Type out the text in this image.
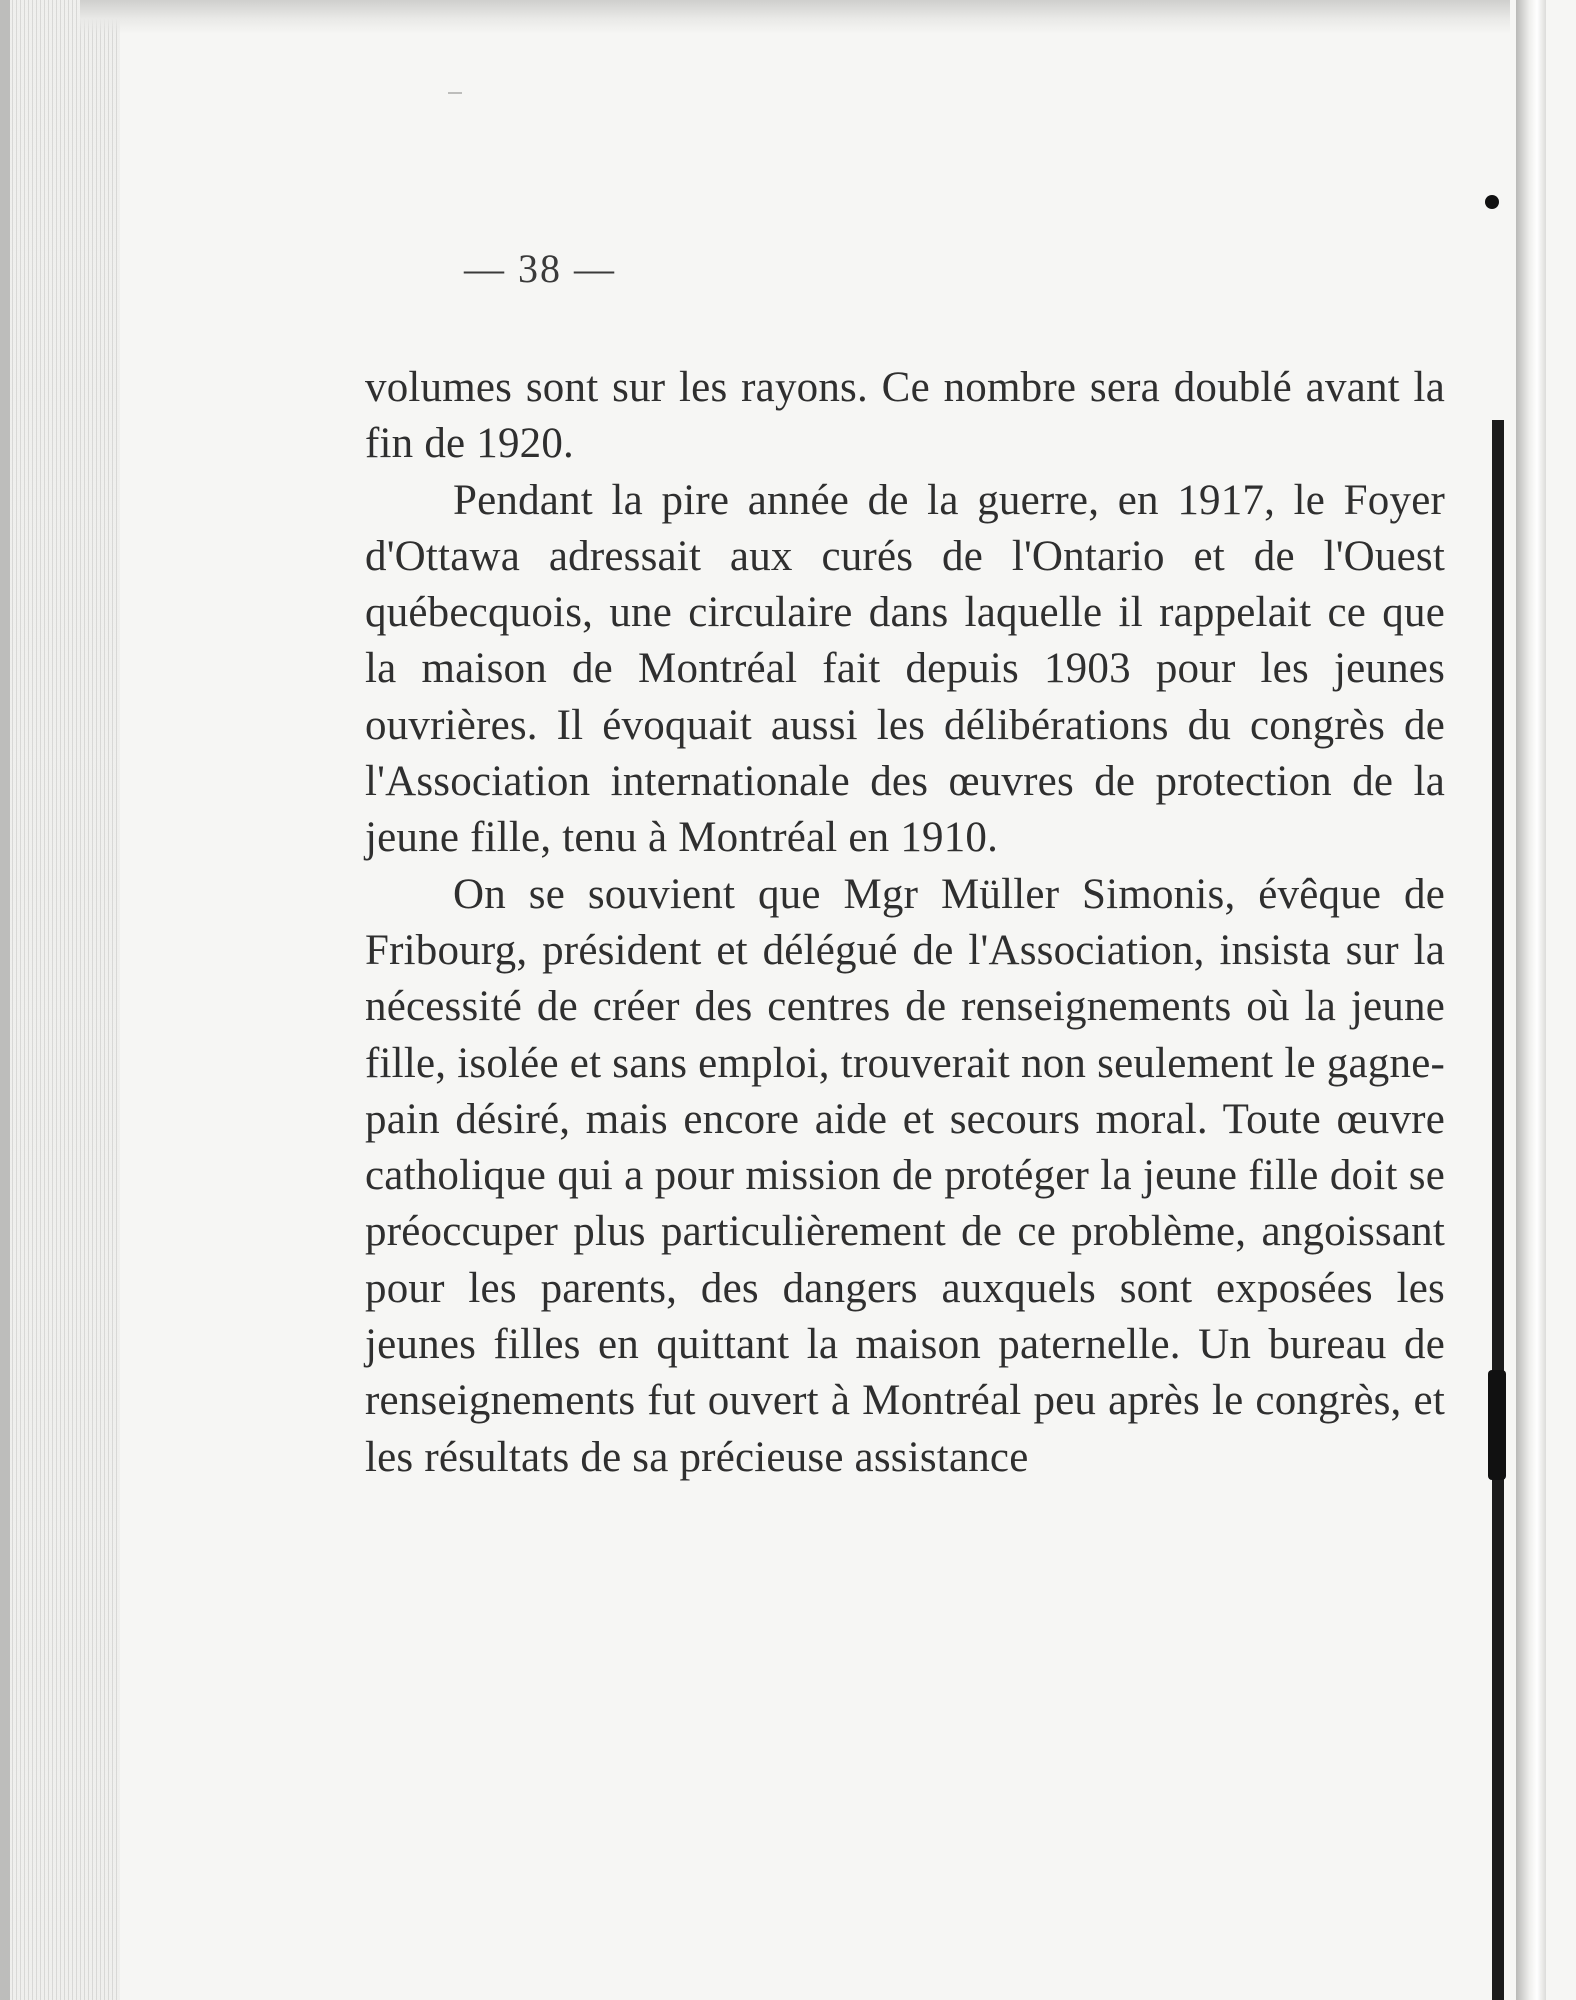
— 38 —

volumes sont sur les rayons. Ce nombre sera doublé avant la fin de 1920.

Pendant la pire année de la guerre, en 1917, le Foyer d'Ottawa adressait aux curés de l'Ontario et de l'Ouest québecquois, une circulaire dans laquelle il rappelait ce que la maison de Montréal fait depuis 1903 pour les jeunes ouvrières. Il évoquait aussi les délibérations du congrès de l'Association internationale des œuvres de protection de la jeune fille, tenu à Montréal en 1910.

On se souvient que Mgr Müller Simonis, évêque de Fribourg, président et délégué de l'Association, insista sur la nécessité de créer des centres de renseignements où la jeune fille, isolée et sans emploi, trouverait non seulement le gagne-pain désiré, mais encore aide et secours moral. Toute œuvre catholique qui a pour mission de protéger la jeune fille doit se préoccuper plus particulièrement de ce problème, angoissant pour les parents, des dangers auxquels sont exposées les jeunes filles en quittant la maison paternelle. Un bureau de renseignements fut ouvert à Montréal peu après le congrès, et les résultats de sa précieuse assistance
